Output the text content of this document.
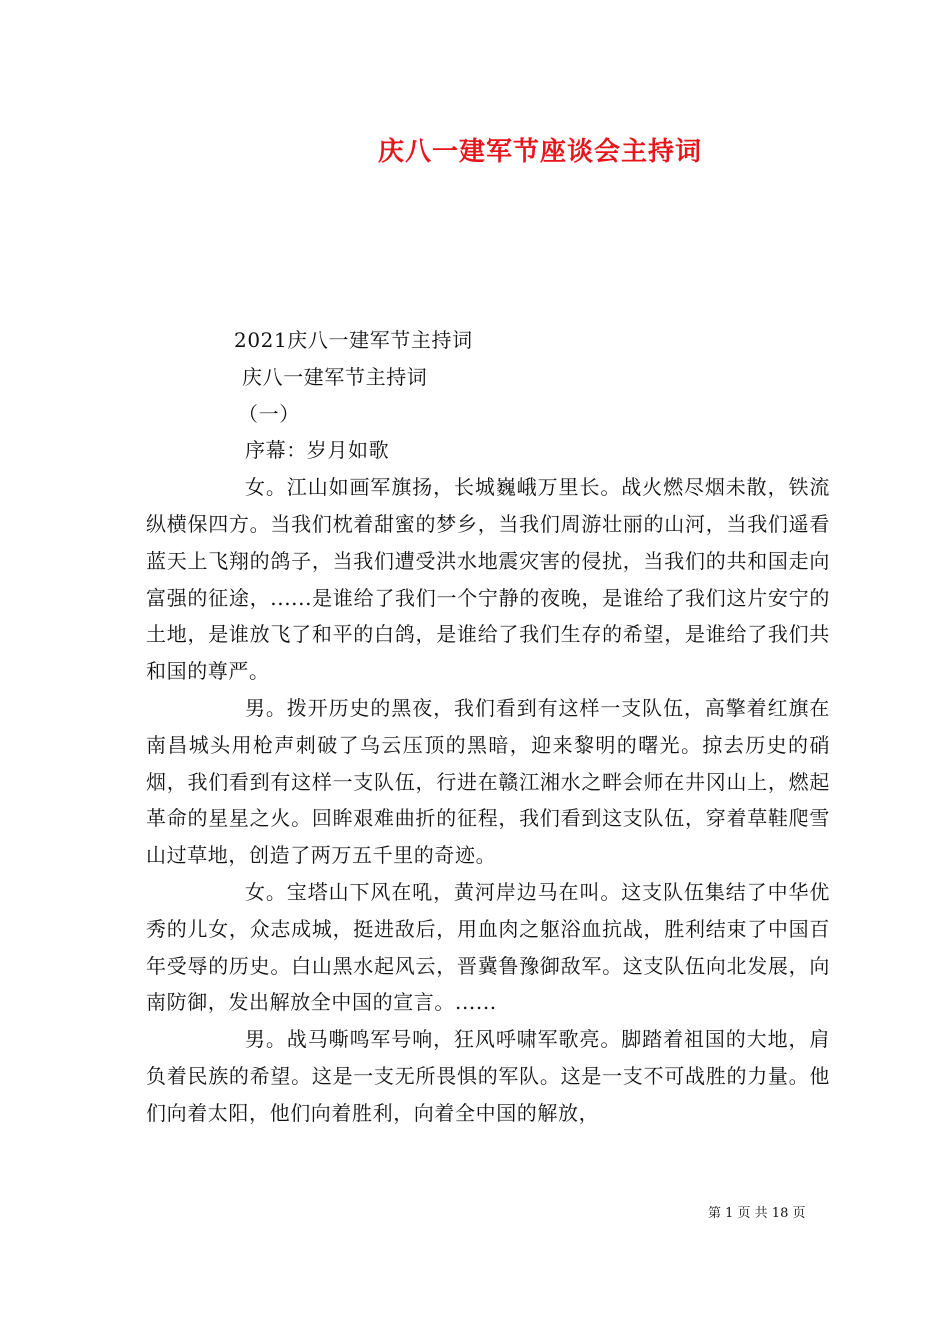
庆八一建军节座谈会主持词

2021庆八一建军节主持词

庆八一建军节主持词

（一）

序幕：岁月如歌

女。江山如画军旗扬，长城巍峨万里长。战火燃尽烟未散，铁流纵横保四方。当我们枕着甜蜜的梦乡，当我们周游壮丽的山河，当我们遥看蓝天上飞翔的鸽子，当我们遭受洪水地震灾害的侵扰，当我们的共和国走向富强的征途，......是谁给了我们一个宁静的夜晚，是谁给了我们这片安宁的土地，是谁放飞了和平的白鸽，是谁给了我们生存的希望，是谁给了我们共和国的尊严。

男。拨开历史的黑夜，我们看到有这样一支队伍，高擎着红旗在南昌城头用枪声刺破了乌云压顶的黑暗，迎来黎明的曙光。掠去历史的硝烟，我们看到有这样一支队伍，行进在赣江湘水之畔会师在井冈山上，燃起革命的星星之火。回眸艰难曲折的征程，我们看到这支队伍，穿着草鞋爬雪山过草地，创造了两万五千里的奇迹。

女。宝塔山下风在吼，黄河岸边马在叫。这支队伍集结了中华优秀的儿女，众志成城，挺进敌后，用血肉之躯浴血抗战，胜利结束了中国百年受辱的历史。白山黑水起风云，晋冀鲁豫御敌军。这支队伍向北发展，向南防御，发出解放全中国的宣言。......

男。战马嘶鸣军号响，狂风呼啸军歌亮。脚踏着祖国的大地，肩负着民族的希望。这是一支无所畏惧的军队。这是一支不可战胜的力量。他们向着太阳，他们向着胜利，向着全中国的解放，

第 1 页 共 18 页
